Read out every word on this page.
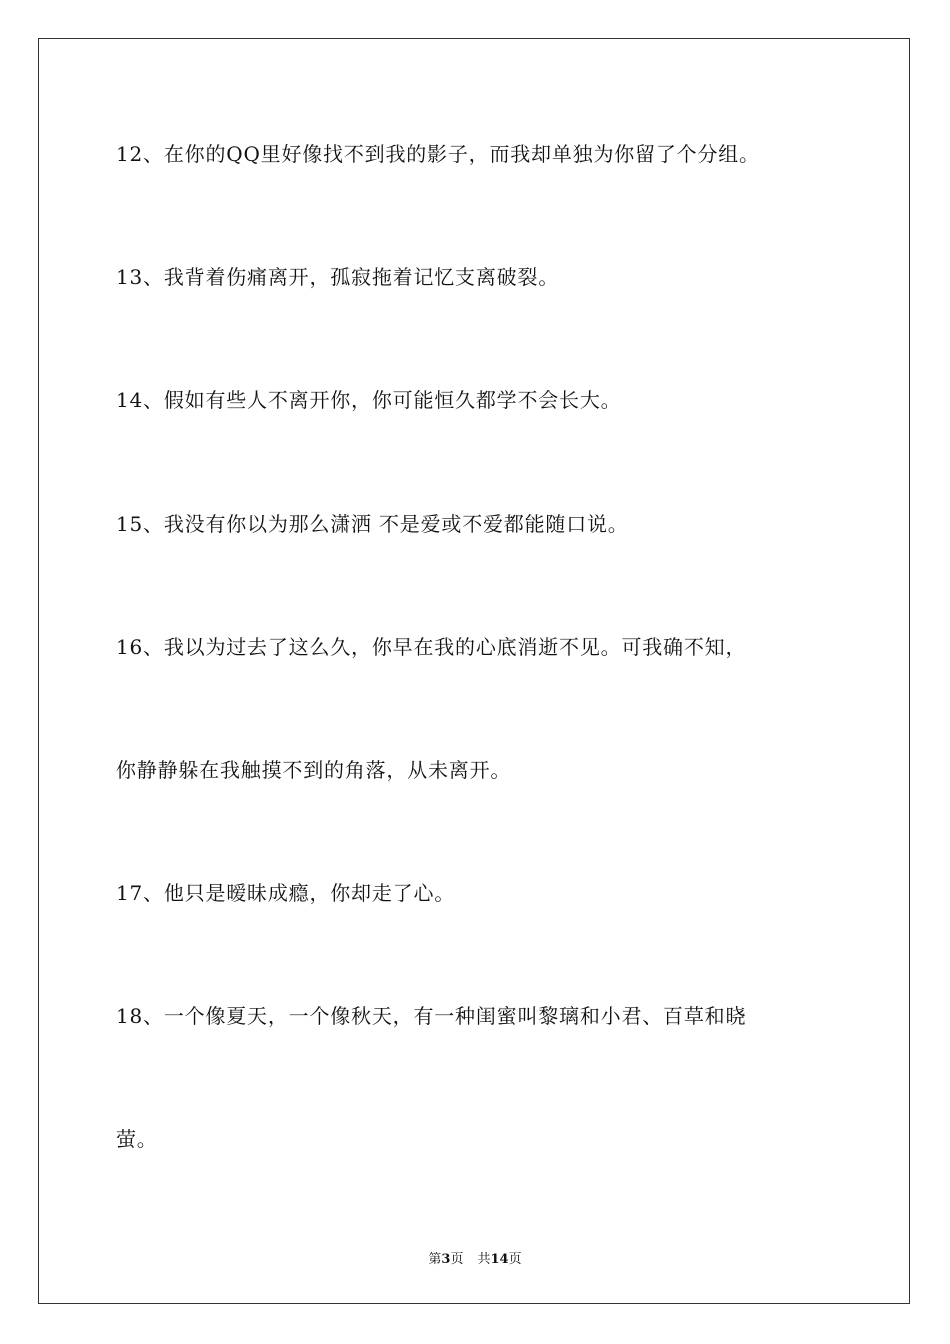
12、在你的QQ里好像找不到我的影子，而我却单独为你留了个分组。

13、我背着伤痛离开，孤寂拖着记忆支离破裂。

14、假如有些人不离开你，你可能恒久都学不会长大。

15、我没有你以为那么潇洒 不是爱或不爱都能随口说。

16、我以为过去了这么久，你早在我的心底消逝不见。可我确不知，

你静静躲在我触摸不到的角落，从未离开。

17、他只是暧昧成瘾，你却走了心。

18、一个像夏天，一个像秋天，有一种闺蜜叫黎璃和小君、百草和晓

萤。

第3页 共14页
